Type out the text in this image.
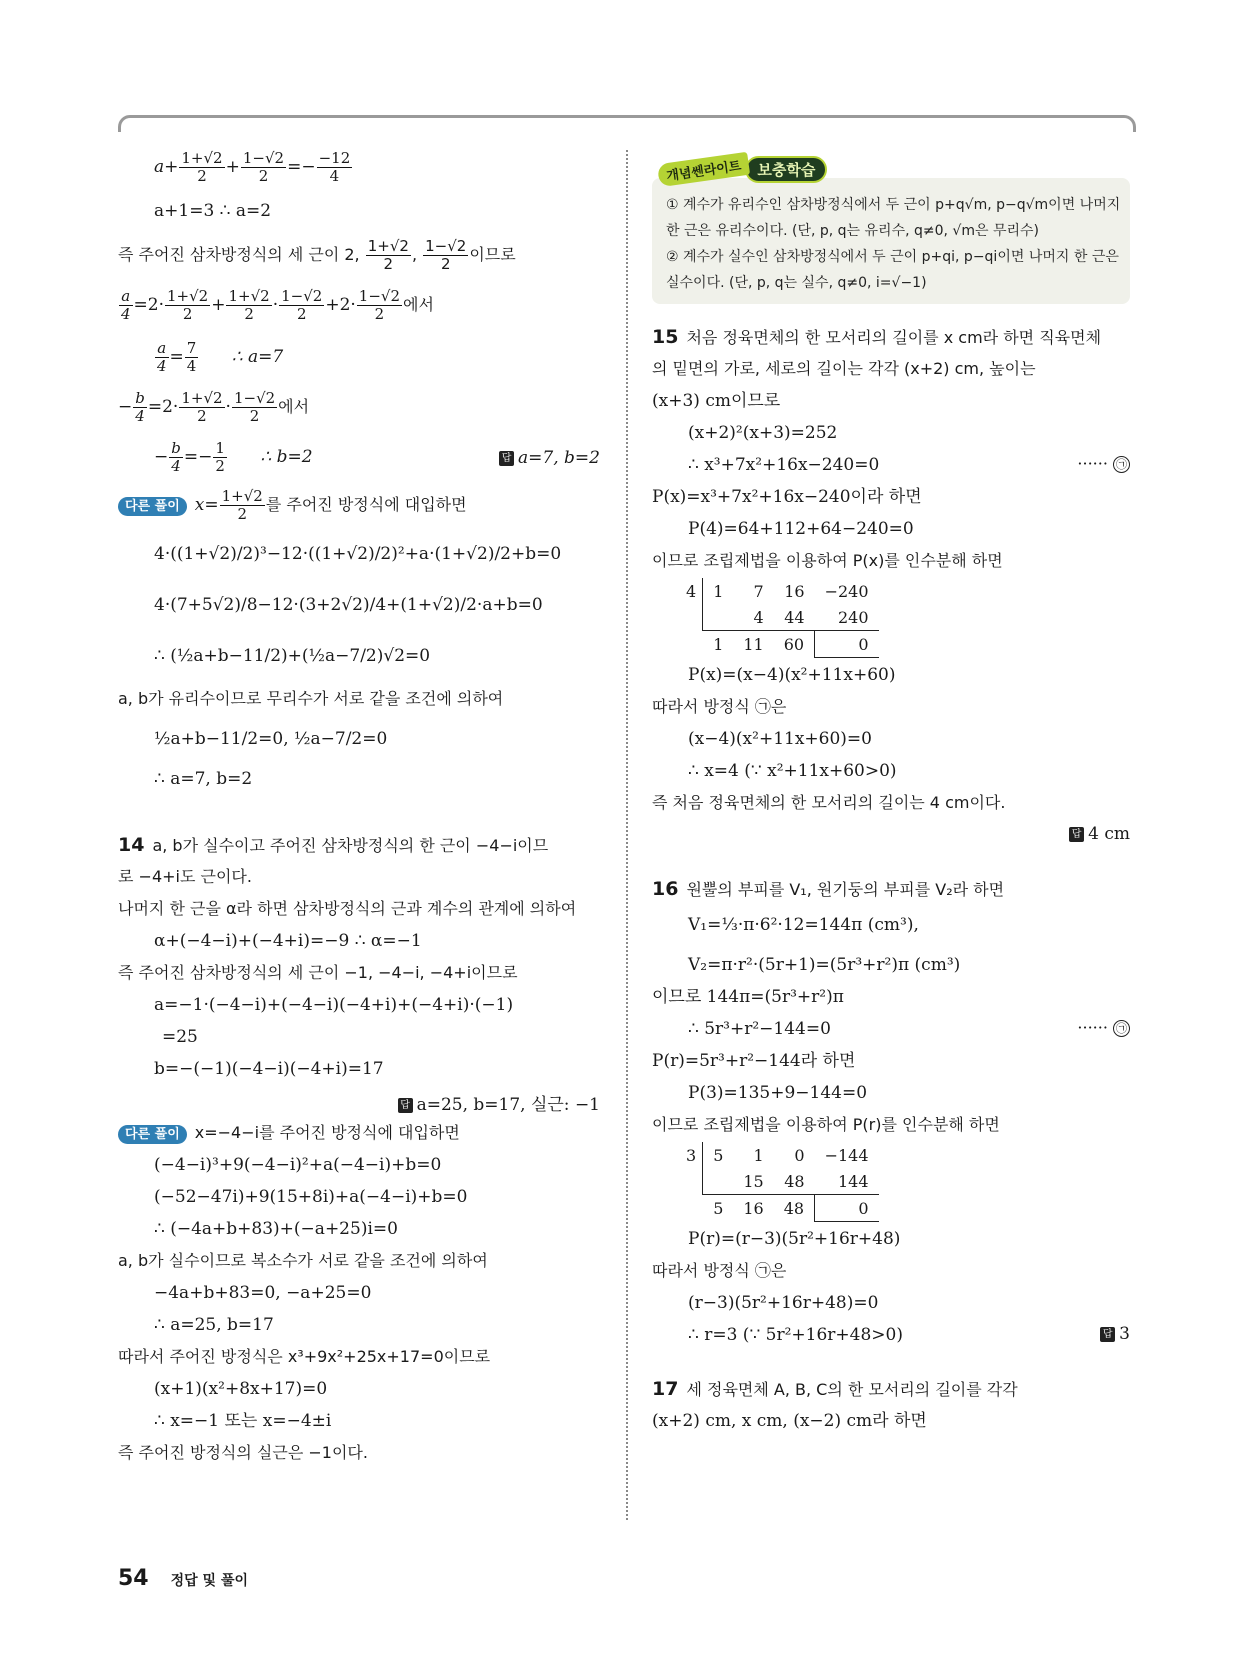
$a+ \frac{1+√2}{2} + \frac{1-√2}{2} =- \frac{-12}{4}$
a+1=3 ∴ a=2
즉 주어진 삼차방정식의 세 근이 2, $\frac{1+√2}{2}$ , $\frac{1-√2}{2}$ 이므로
$\frac{a}{4} =2\cdot \frac{1+√2}{2} + \frac{1+√2}{2} \cdot \frac{1-√2}{2} +2\cdot \frac{1-√2}{2}$ 에서
$\frac{a}{4} = \frac{7}{4}$ ∴ a=7
− $\frac{b}{4} =2\cdot \frac{1+√2}{2} \cdot \frac{1-√2}{2}$ 에서
− $\frac{b}{4} =- \frac{1}{2}$ ∴ b=2	답 a=7, b=2
다른 풀이 $x= \frac{1+√2}{2}$ 를 주어진 방정식에 대입하면
4·((1+√2)/2)³−12·((1+√2)/2)²+a·(1+√2)/2+b=0
4·(7+5√2)/8−12·(3+2√2)/4+(1+√2)/2·a+b=0
∴ (½a+b−11/2)+(½a−7/2)√2=0
a, b가 유리수이므로 무리수가 서로 같을 조건에 의하여
½a+b−11/2=0, ½a−7/2=0
∴ a=7, b=2
14 a, b가 실수이고 주어진 삼차방정식의 한 근이 −4−i이므
로 −4+i도 근이다.
나머지 한 근을 α라 하면 삼차방정식의 근과 계수의 관계에 의하여
α+(−4−i)+(−4+i)=−9 ∴ α=−1
즉 주어진 삼차방정식의 세 근이 −1, −4−i, −4+i이므로
a=−1·(−4−i)+(−4−i)(−4+i)+(−4+i)·(−1)
=25
b=−(−1)(−4−i)(−4+i)=17
답 a=25, b=17, 실근: −1
다른 풀이 x=−4−i를 주어진 방정식에 대입하면
(−4−i)³+9(−4−i)²+a(−4−i)+b=0
(−52−47i)+9(15+8i)+a(−4−i)+b=0
∴ (−4a+b+83)+(−a+25)i=0
a, b가 실수이므로 복소수가 서로 같을 조건에 의하여
−4a+b+83=0, −a+25=0
∴ a=25, b=17
따라서 주어진 방정식은 x³+9x²+25x+17=0이므로
(x+1)(x²+8x+17)=0
∴ x=−1 또는 x=−4±i
즉 주어진 방정식의 실근은 −1이다.
개념쎈라이트	보충학습
① 계수가 유리수인 삼차방정식에서 두 근이 p+q√m, p−q√m이면 나머지 한 근은 유리수이다. (단, p, q는 유리수, q≠0, √m은 무리수)
② 계수가 실수인 삼차방정식에서 두 근이 p+qi, p−qi이면 나머지 한 근은 실수이다. (단, p, q는 실수, q≠0, i=√−1)
15 처음 정육면체의 한 모서리의 길이를 x cm라 하면 직육면체
의 밑면의 가로, 세로의 길이는 각각 (x+2) cm, 높이는
(x+3) cm이므로
(x+2)²(x+3)=252
∴ x³+7x²+16x−240=0	······ ㉠
P(x)=x³+7x²+16x−240이라 하면
P(4)=64+112+64−240=0
이므로 조립제법을 이용하여 P(x)를 인수분해 하면
4	1	7	16	−240
		4	44	240
	1	11	60	0
P(x)=(x−4)(x²+11x+60)
따라서 방정식 ㉠은
(x−4)(x²+11x+60)=0
∴ x=4 (∵ x²+11x+60>0)
즉 처음 정육면체의 한 모서리의 길이는 4 cm이다.
답 4 cm
16 원뿔의 부피를 V₁, 원기둥의 부피를 V₂라 하면
V₁=⅓·π·6²·12=144π (cm³),
V₂=π·r²·(5r+1)=(5r³+r²)π (cm³)
이므로 144π=(5r³+r²)π
∴ 5r³+r²−144=0	······ ㉠
P(r)=5r³+r²−144라 하면
P(3)=135+9−144=0
이므로 조립제법을 이용하여 P(r)를 인수분해 하면
3	5	1	0	−144
		15	48	144
	5	16	48	0
P(r)=(r−3)(5r²+16r+48)
따라서 방정식 ㉠은
(r−3)(5r²+16r+48)=0
∴ r=3 (∵ 5r²+16r+48>0)	답 3
17 세 정육면체 A, B, C의 한 모서리의 길이를 각각
(x+2) cm, x cm, (x−2) cm라 하면
54 정답 및 풀이
